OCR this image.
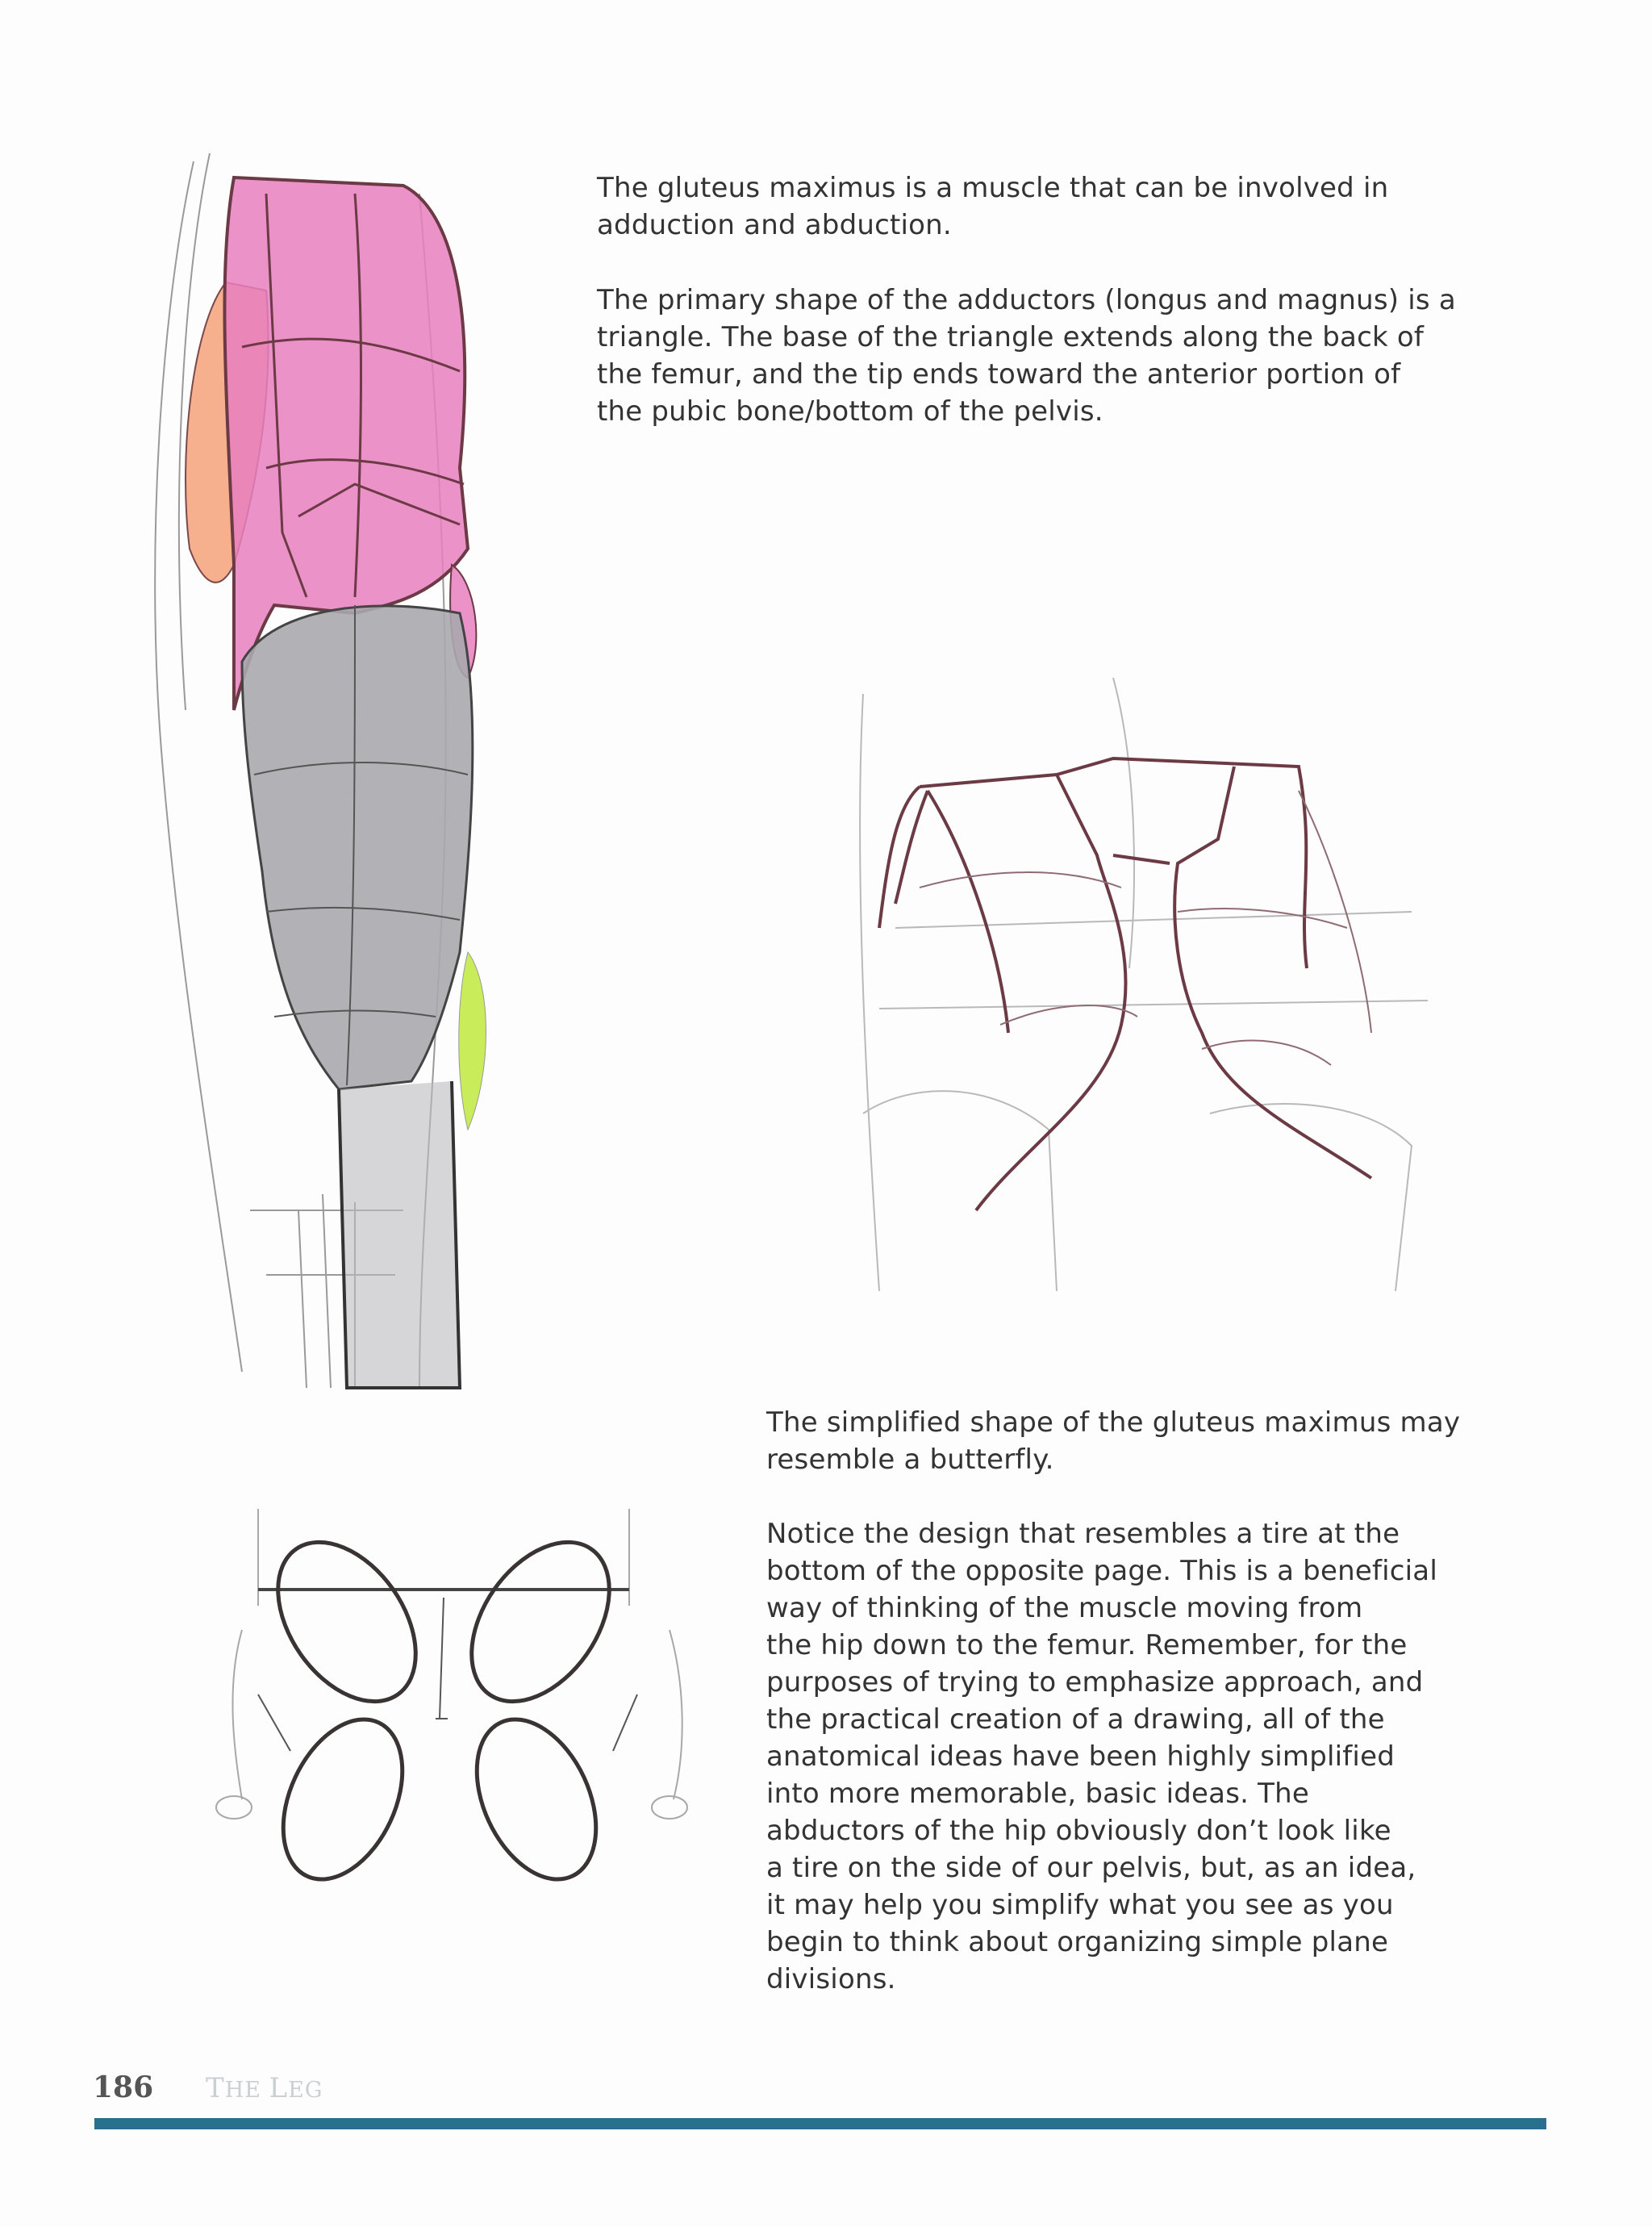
The gluteus maximus is a muscle that can be involved in
adduction and abduction.

The primary shape of the adductors (longus and magnus) is a
triangle. The base of the triangle extends along the back of
the femur, and the tip ends toward the anterior portion of
the pubic bone/bottom of the pelvis.

The simplified shape of the gluteus maximus may
resemble a butterfly.

Notice the design that resembles a tire at the
bottom of the opposite page. This is a beneficial
way of thinking of the muscle moving from
the hip down to the femur. Remember, for the
purposes of trying to emphasize approach, and
the practical creation of a drawing, all of the
anatomical ideas have been highly simplified
into more memorable, basic ideas. The
abductors of the hip obviously don’t look like
a tire on the side of our pelvis, but, as an idea,
it may help you simplify what you see as you
begin to think about organizing simple plane
divisions.

186 THE LEG
